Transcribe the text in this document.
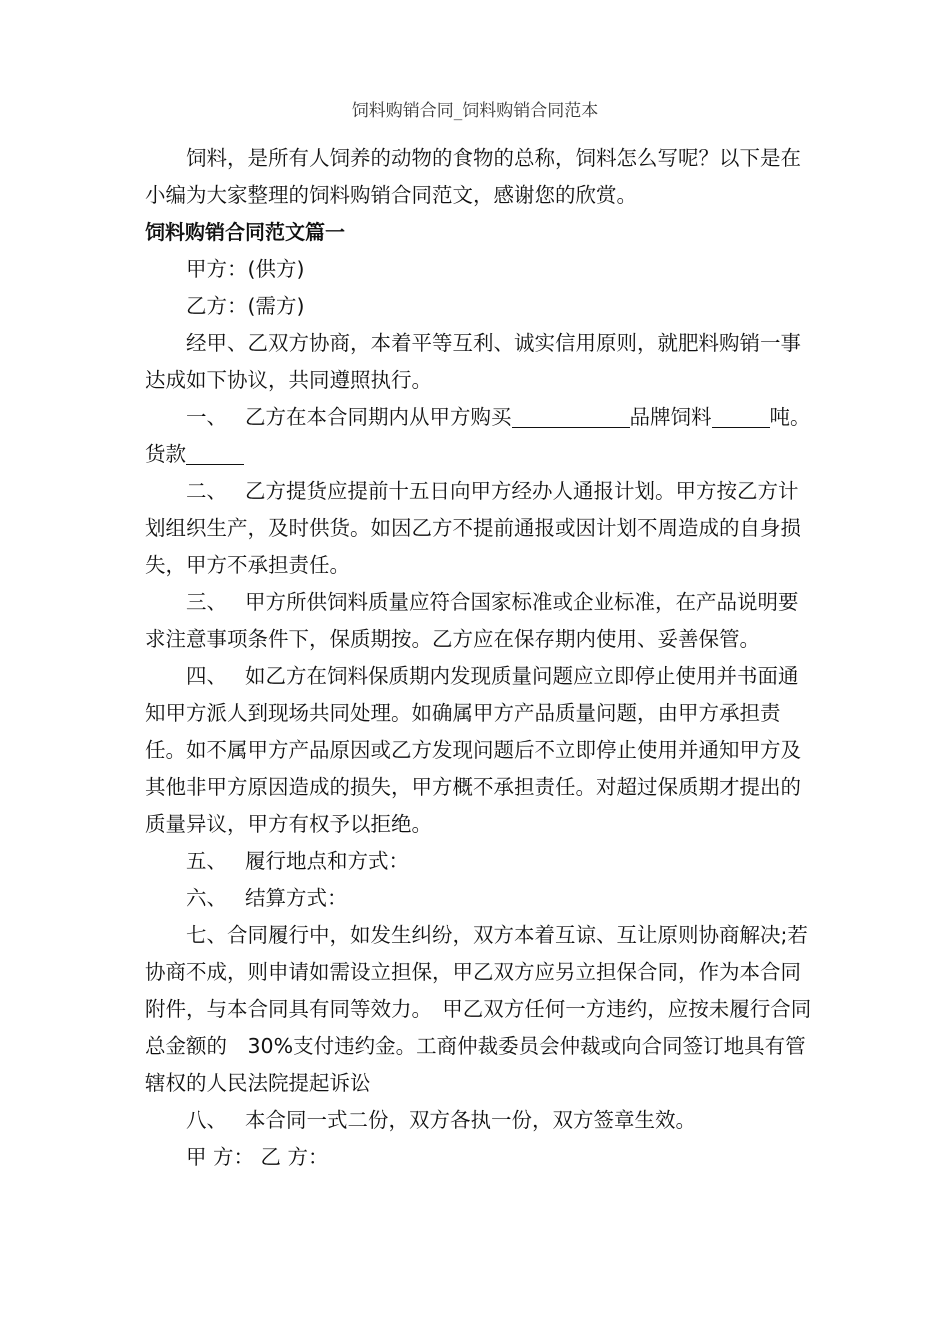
饲料购销合同_饲料购销合同范本

饲料，是所有人饲养的动物的食物的总称，饲料怎么写呢？以下是在小编为大家整理的饲料购销合同范文，感谢您的欣赏。

饲料购销合同范文篇一

甲方：(供方)

乙方：(需方)

经甲、乙双方协商，本着平等互利、诚实信用原则，就肥料购销一事达成如下协议，共同遵照执行。

一、 乙方在本合同期内从甲方购买	品牌饲料	吨。货款

二、 乙方提货应提前十五日向甲方经办人通报计划。甲方按乙方计划组织生产，及时供货。如因乙方不提前通报或因计划不周造成的自身损失，甲方不承担责任。

三、 甲方所供饲料质量应符合国家标准或企业标准，在产品说明要求注意事项条件下，保质期按。乙方应在保存期内使用、妥善保管。

四、 如乙方在饲料保质期内发现质量问题应立即停止使用并书面通知甲方派人到现场共同处理。如确属甲方产品质量问题，由甲方承担责任。如不属甲方产品原因或乙方发现问题后不立即停止使用并通知甲方及其他非甲方原因造成的损失，甲方概不承担责任。对超过保质期才提出的质量异议，甲方有权予以拒绝。

五、 履行地点和方式：

六、 结算方式：

七、合同履行中，如发生纠纷，双方本着互谅、互让原则协商解决;若协商不成，则申请如需设立担保，甲乙双方应另立担保合同，作为本合同附件，与本合同具有同等效力。　甲乙双方任何一方违约，应按未履行合同总金额的　30%支付违约金。工商仲裁委员会仲裁或向合同签订地具有管辖权的人民法院提起诉讼

八、 本合同一式二份，双方各执一份，双方签章生效。

甲 方： 乙 方：
